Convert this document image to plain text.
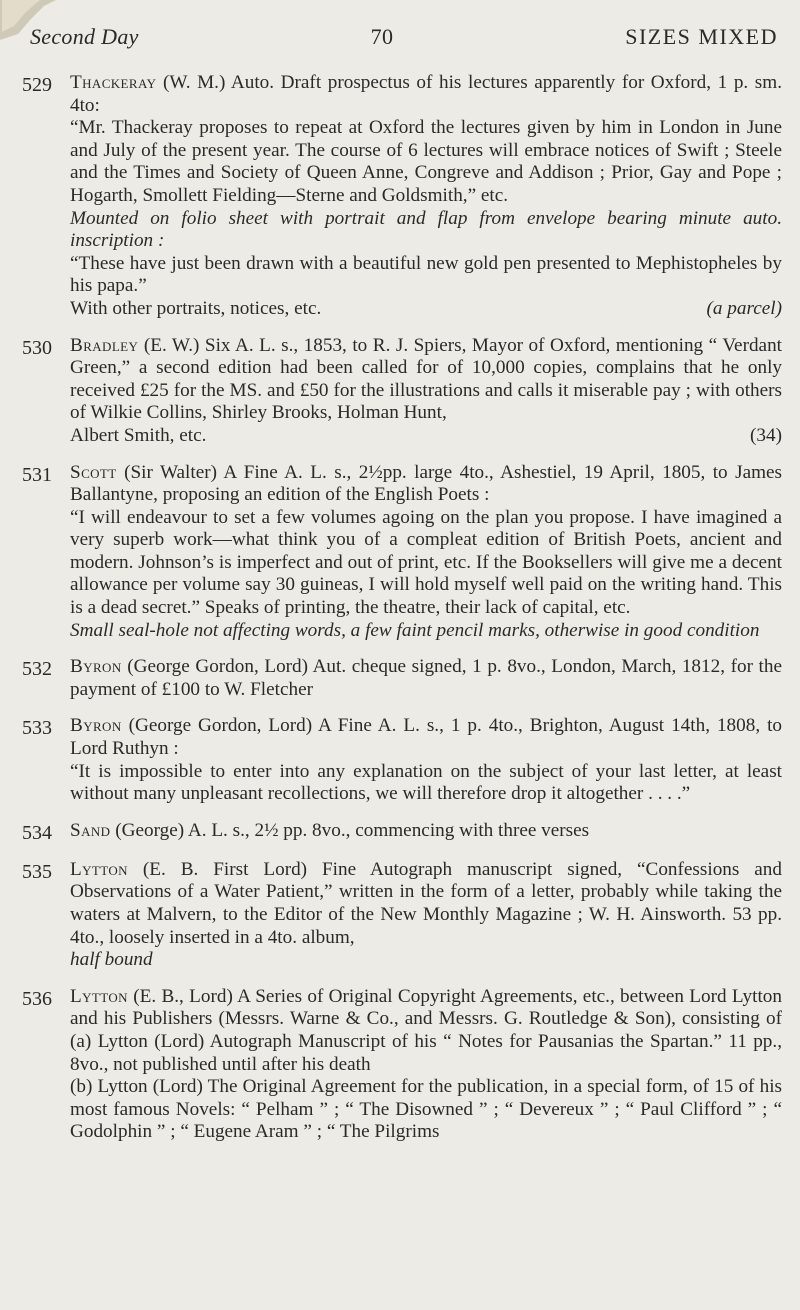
Second Day	70	SIZES MIXED
529 Thackeray (W. M.) Auto. Draft prospectus of his lectures apparently for Oxford, 1 p. sm. 4to:

“Mr. Thackeray proposes to repeat at Oxford the lectures given by him in London in June and July of the present year. The course of 6 lectures will embrace notices of Swift ; Steele and the Times and Society of Queen Anne, Congreve and Addison ; Prior, Gay and Pope ; Hogarth, Smollett Fielding—Sterne and Goldsmith,” etc.

Mounted on folio sheet with portrait and flap from envelope bearing minute auto. inscription :

“These have just been drawn with a beautiful new gold pen presented to Mephistopheles by his papa.”

With other portraits, notices, etc.	(a parcel)

530 Bradley (E. W.) Six A. L. s., 1853, to R. J. Spiers, Mayor of Oxford, mentioning “ Verdant Green,” a second edition had been called for of 10,000 copies, complains that he only received £25 for the MS. and £50 for the illustrations and calls it miserable pay ; with others of Wilkie Collins, Shirley Brooks, Holman Hunt,

Albert Smith, etc.	(34)

531 Scott (Sir Walter) A Fine A. L. s., 2½pp. large 4to., Ashestiel, 19 April, 1805, to James Ballantyne, proposing an edition of the English Poets :

“I will endeavour to set a few volumes agoing on the plan you propose. I have imagined a very superb work—what think you of a compleat edition of British Poets, ancient and modern. Johnson’s is imperfect and out of print, etc. If the Booksellers will give me a decent allowance per volume say 30 guineas, I will hold myself well paid on the writing hand. This is a dead secret.” Speaks of printing, the theatre, their lack of capital, etc.

Small seal-hole not affecting words, a few faint pencil marks, otherwise in good condition

532 Byron (George Gordon, Lord) Aut. cheque signed, 1 p. 8vo., London, March, 1812, for the payment of £100 to W. Fletcher

533 Byron (George Gordon, Lord) A Fine A. L. s., 1 p. 4to., Brighton, August 14th, 1808, to Lord Ruthyn :

“It is impossible to enter into any explanation on the subject of your last letter, at least without many unpleasant recollections, we will therefore drop it altogether . . . .”

534 Sand (George) A. L. s., 2½ pp. 8vo., commencing with three verses

535 Lytton (E. B. First Lord) Fine Autograph manuscript signed, “Confessions and Observations of a Water Patient,” written in the form of a letter, probably while taking the waters at Malvern, to the Editor of the New Monthly Magazine ; W. H. Ainsworth. 53 pp. 4to., loosely inserted in a 4to. album,

half bound

536 Lytton (E. B., Lord) A Series of Original Copyright Agreements, etc., between Lord Lytton and his Publishers (Messrs. Warne & Co., and Messrs. G. Routledge & Son), consisting of (a) Lytton (Lord) Autograph Manuscript of his “ Notes for Pausanias the Spartan.” 11 pp., 8vo., not published until after his death

(b) Lytton (Lord) The Original Agreement for the publication, in a special form, of 15 of his most famous Novels: “ Pelham ” ; “ The Disowned ” ; “ Devereux ” ; “ Paul Clifford ” ; “ Godolphin ” ; “ Eugene Aram ” ; “ The Pilgrims
